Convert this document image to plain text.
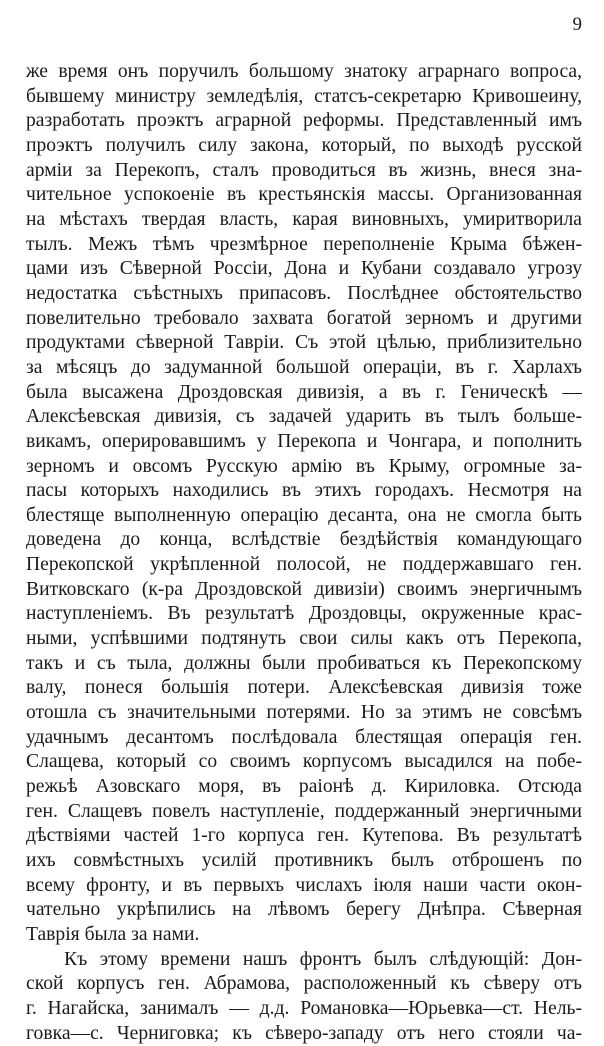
9
же время онъ поручилъ большому знатоку аграрнаго вопроса,
бывшему министру земледѣлія, статсъ-секретарю Кривошеину,
разработать проэктъ аграрной реформы. Представленный имъ
проэктъ получилъ силу закона, который, по выходѣ русской
арміи за Перекопъ, сталъ проводиться въ жизнь, внеся зна-
чительное успокоеніе въ крестьянскія массы. Организованная
на мѣстахъ твердая власть, карая виновныхъ, умиритворила
тылъ. Межъ тѣмъ чрезмѣрное переполненіе Крыма бѣжен-
цами изъ Сѣверной Россіи, Дона и Кубани создавало угрозу
недостатка съѣстныхъ припасовъ. Послѣднее обстоятельство
повелительно требовало захвата богатой зерномъ и другими
продуктами сѣверной Таврiи. Съ этой цѣлью, приблизительно
за мѣсяцъ до задуманной большой операціи, въ г. Харлахъ
была высажена Дроздовская дивизія, а въ г. Геническѣ —
Алексѣевская дивизія, съ задачей ударить въ тылъ больше-
викамъ, оперировавшимъ у Перекопа и Чонгара, и пополнить
зерномъ и овсомъ Русскую армію въ Крыму, огромные за-
пасы которыхъ находились въ этихъ городахъ. Несмотря на
блестяще выполненную операцію десанта, она не смогла быть
доведена до конца, вслѣдствіе бездѣйствія командующаго
Перекопской укрѣпленной полосой, не поддержавшаго ген.
Витковскаго (к-ра Дроздовской дивизіи) своимъ энергичнымъ
наступленіемъ. Въ результатѣ Дроздовцы, окруженные крас-
ными, успѣвшими подтянуть свои силы какъ отъ Перекопа,
такъ и съ тыла, должны были пробиваться къ Перекопскому
валу, понеся большія потери. Алексѣевская дивизія тоже
отошла съ значительными потерями. Но за этимъ не совсѣмъ
удачнымъ десантомъ послѣдовала блестящая операція ген.
Слащева, который со своимъ корпусомъ высадился на побе-
режьѣ Азовскаго моря, въ раіонѣ д. Кириловка. Отсюда
ген. Слащевъ повелъ наступленіе, поддержанный энергичными
дѣствіями частей 1-го корпуса ген. Кутепова. Въ результатѣ
ихъ совмѣстныхъ усилій противникъ былъ отброшенъ по
всему фронту, и въ первыхъ числахъ іюля наши части окон-
чательно укрѣпились на лѣвомъ берегу Днѣпра. Сѣверная
Таврія была за нами.
Къ этому времени нашъ фронтъ былъ слѣдующій: Дон-
ской корпусъ ген. Абрамова, расположенный къ сѣверу отъ
г. Нагайска, занималъ — д.д. Романовка—Юрьевка—ст. Нель-
говка—с. Черниговка; къ сѣверо-западу отъ него стояли ча-
